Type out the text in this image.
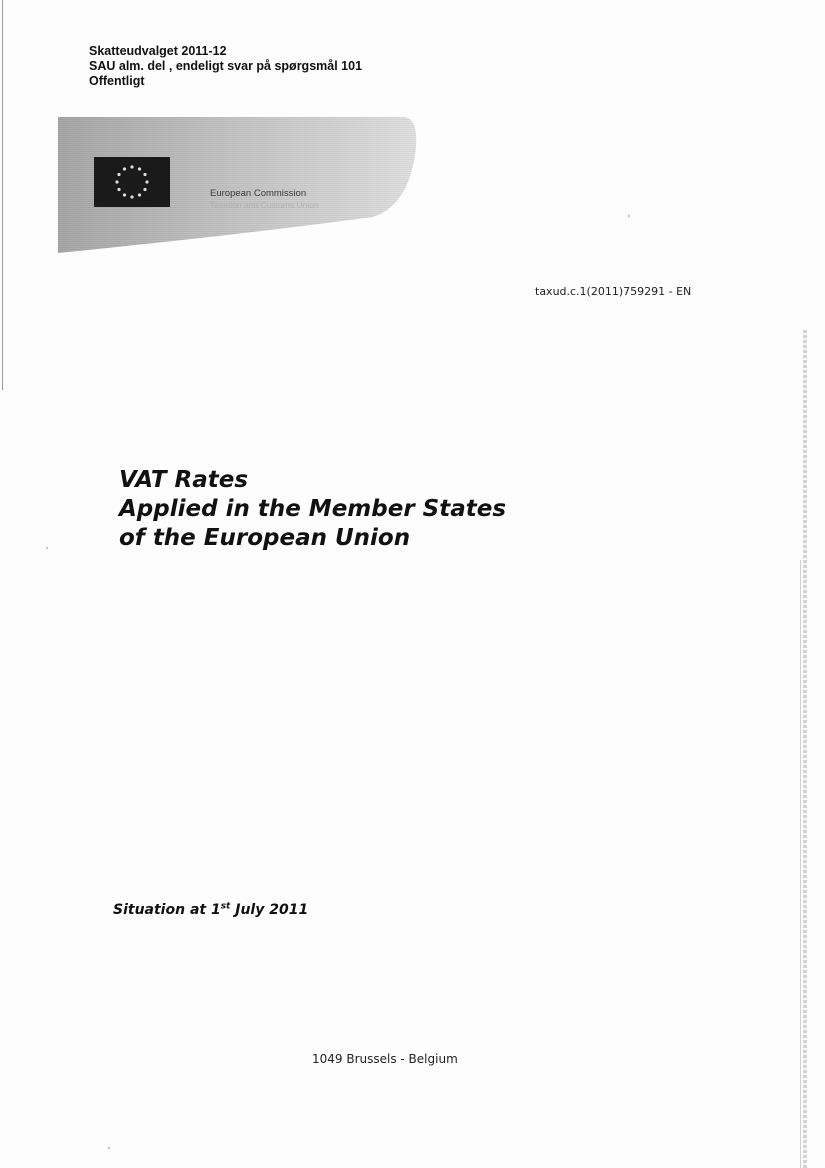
Skatteudvalget 2011-12
SAU alm. del , endeligt svar på spørgsmål 101
Offentligt
European Commission
Taxation and Customs Union
taxud.c.1(2011)759291 - EN
VAT Rates
Applied in the Member States
of the European Union
Situation at 1st July 2011
1049 Brussels - Belgium
